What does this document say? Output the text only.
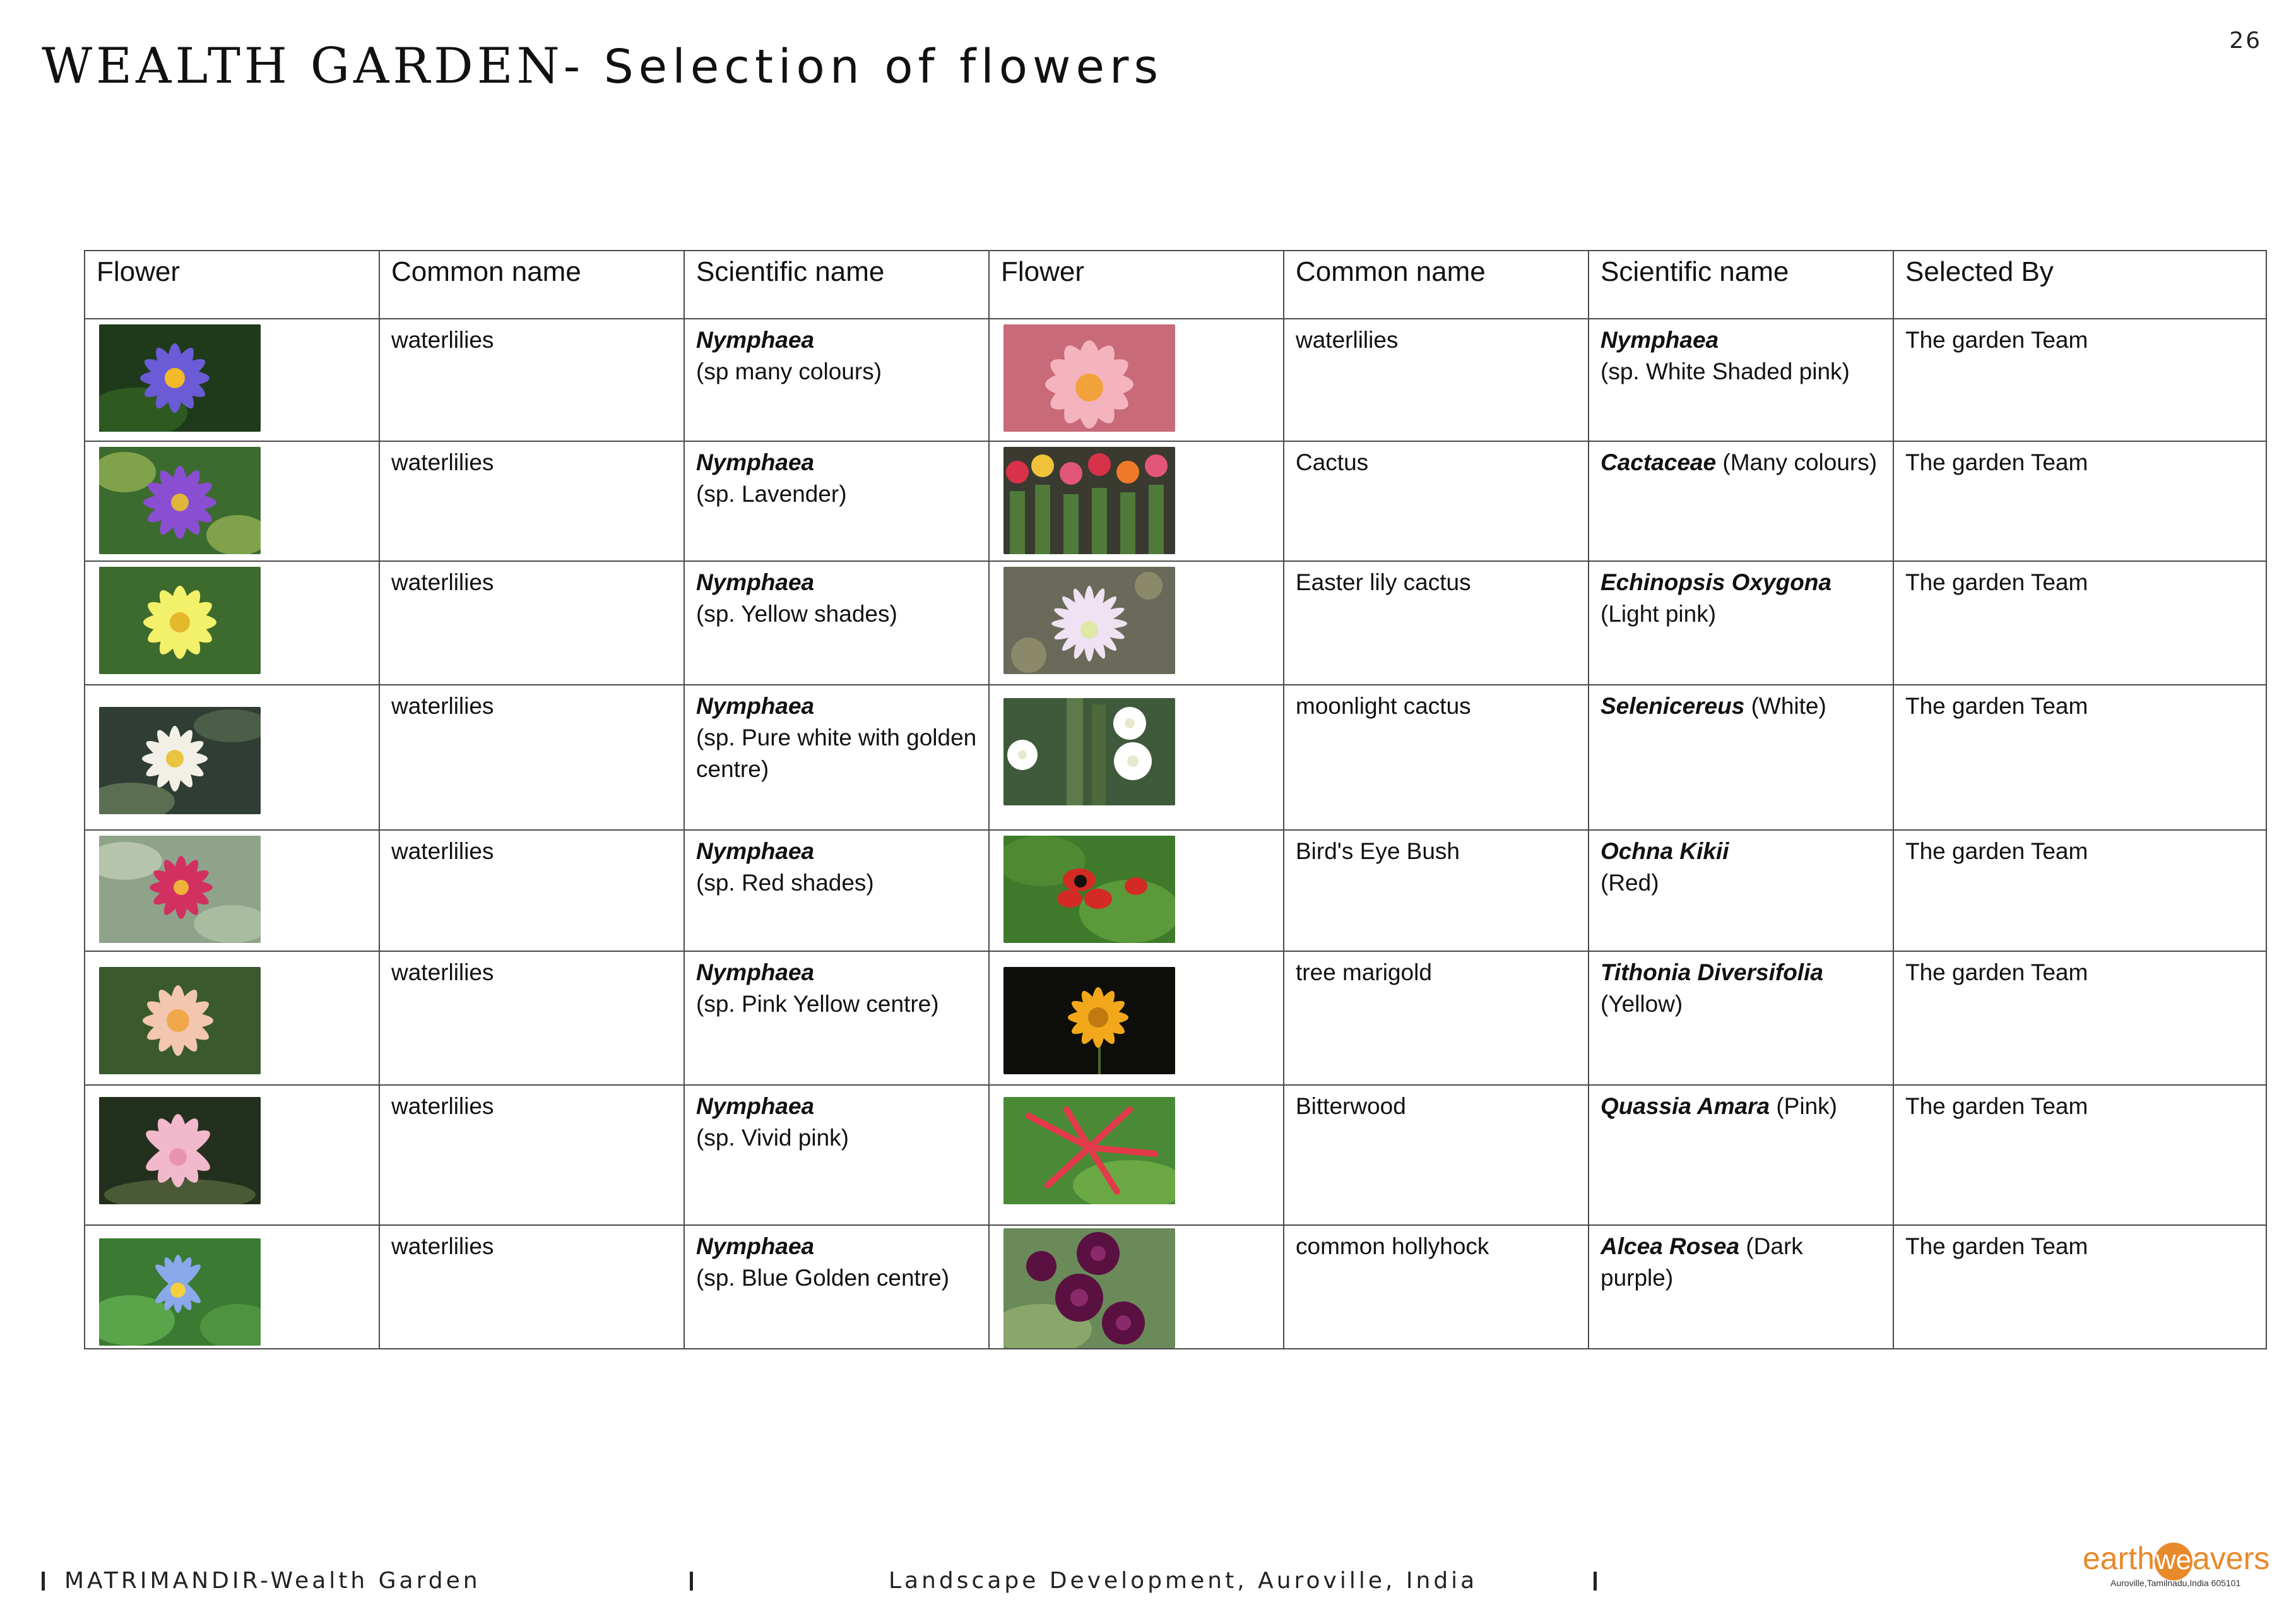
26
WEALTH GARDEN- Selection of flowers
Flower	Common name	Scientific name	Flower	Common name	Scientific name	Selected By

	waterlilies	Nymphaea
(sp many colours)		waterlilies	Nymphaea
(sp. White Shaded pink)	The garden Team

	waterlilies	Nymphaea
(sp. Lavender)		Cactus	Cactaceae (Many colours)	The garden Team

	waterlilies	Nymphaea
(sp. Yellow shades)		Easter lily cactus	Echinopsis Oxygona
(Light pink)	The garden Team

	waterlilies	Nymphaea
(sp. Pure white with golden centre)		moonlight cactus	Selenicereus (White)	The garden Team

	waterlilies	Nymphaea
(sp. Red shades)		Bird's Eye Bush	Ochna Kikii
(Red)	The garden Team

	waterlilies	Nymphaea
(sp. Pink Yellow centre)		tree marigold	Tithonia Diversifolia
(Yellow)	The garden Team

	waterlilies	Nymphaea
(sp. Vivid pink)		Bitterwood	Quassia Amara (Pink)	The garden Team

	waterlilies	Nymphaea
(sp. Blue Golden centre)		common hollyhock	Alcea Rosea (Dark purple)	The garden Team
MATRIMANDIR-Wealth Garden	Landscape Development, Auroville, India
earthweavers
Auroville,Tamilnadu,India 605101
